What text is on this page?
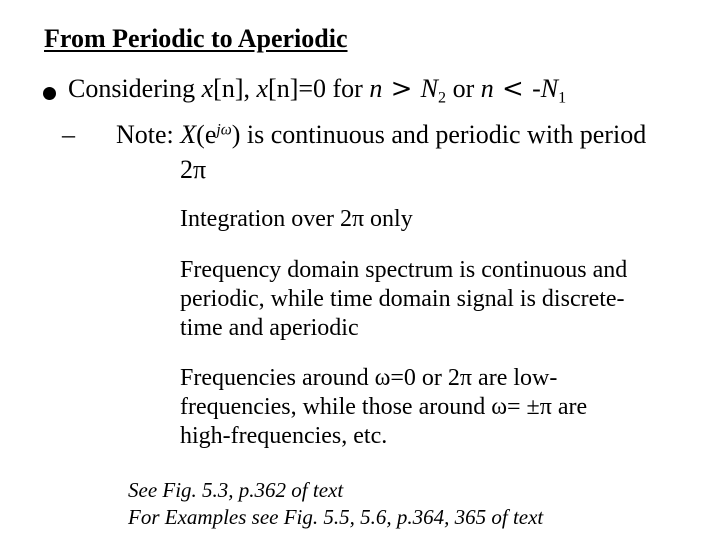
From Periodic to Aperiodic
Considering x[n], x[n]=0 for $n > N_2$ or $n < -N_1$
– Note: $X(e^{j\omega})$ is continuous and periodic with period
2π
Integration over 2π only
Frequency domain spectrum is continuous and
periodic, while time domain signal is discrete-
time and aperiodic
Frequencies around ω=0 or 2π are low-
frequencies, while those around ω= ±π are
high-frequencies, etc.
See Fig. 5.3, p.362 of text
For Examples see Fig. 5.5, 5.6, p.364, 365 of text
